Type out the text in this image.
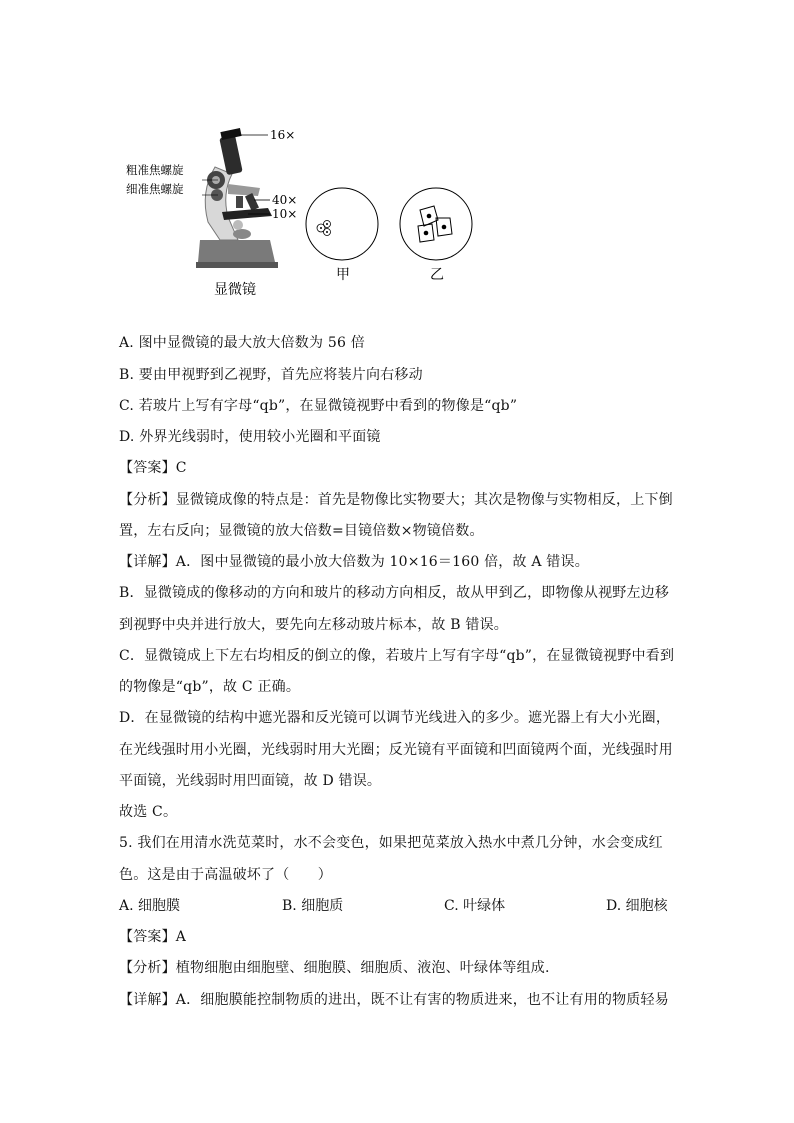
16×
粗准焦螺旋
细准焦螺旋
40×
10×
显微镜
甲	乙
A. 图中显微镜的最大放大倍数为 56 倍
B. 要由甲视野到乙视野，首先应将装片向右移动
C. 若玻片上写有字母“qb”，在显微镜视野中看到的物像是“qb”
D. 外界光线弱时，使用较小光圈和平面镜
【答案】C
【分析】显微镜成像的特点是：首先是物像比实物要大；其次是物像与实物相反，上下倒
置，左右反向；显微镜的放大倍数=目镜倍数×物镜倍数。
【详解】A．图中显微镜的最小放大倍数为 10×16＝160 倍，故 A 错误。
B．显微镜成的像移动的方向和玻片的移动方向相反，故从甲到乙，即物像从视野左边移
到视野中央并进行放大，要先向左移动玻片标本，故 B 错误。
C．显微镜成上下左右均相反的倒立的像，若玻片上写有字母“qb”，在显微镜视野中看到
的物像是“qb”，故 C 正确。
D．在显微镜的结构中遮光器和反光镜可以调节光线进入的多少。遮光器上有大小光圈，
在光线强时用小光圈，光线弱时用大光圈；反光镜有平面镜和凹面镜两个面，光线强时用
平面镜，光线弱时用凹面镜，故 D 错误。
故选 C。
5. 我们在用清水洗苋菜时，水不会变色，如果把苋菜放入热水中煮几分钟，水会变成红
色。这是由于高温破坏了（　　）
A. 细胞膜	B. 细胞质	C. 叶绿体	D. 细胞核
【答案】A
【分析】植物细胞由细胞壁、细胞膜、细胞质、液泡、叶绿体等组成.
【详解】A．细胞膜能控制物质的进出，既不让有害的物质进来，也不让有用的物质轻易
